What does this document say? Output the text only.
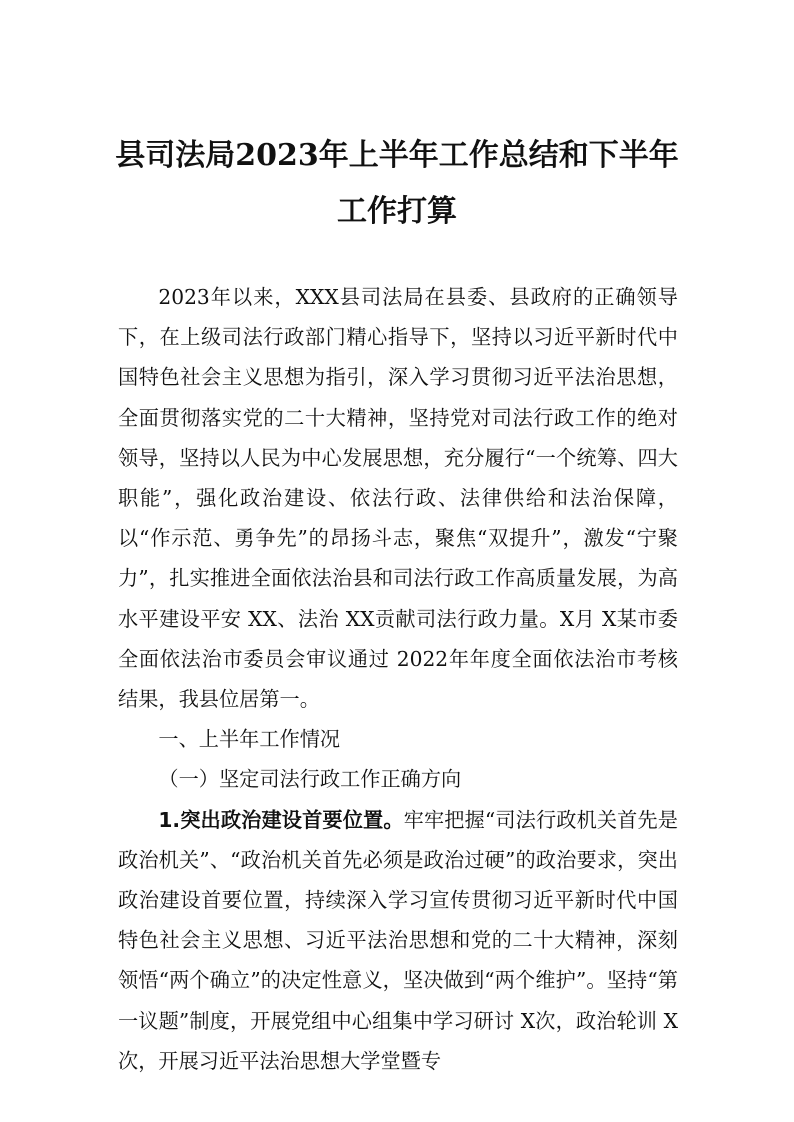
县司法局2023年上半年工作总结和下半年
工作打算

2023年以来，XXX县司法局在县委、县政府的正确领导下，在上级司法行政部门精心指导下，坚持以习近平新时代中国特色社会主义思想为指引，深入学习贯彻习近平法治思想，全面贯彻落实党的二十大精神，坚持党对司法行政工作的绝对领导，坚持以人民为中心发展思想，充分履行“一个统筹、四大职能”，强化政治建设、依法行政、法律供给和法治保障，以“作示范、勇争先”的昂扬斗志，聚焦“双提升”，激发“宁聚力”，扎实推进全面依法治县和司法行政工作高质量发展，为高水平建设平安 XX、法治 XX贡献司法行政力量。X月 X某市委全面依法治市委员会审议通过 2022年年度全面依法治市考核结果，我县位居第一。

一、上半年工作情况

（一）坚定司法行政工作正确方向

1.突出政治建设首要位置。牢牢把握“司法行政机关首先是政治机关”、“政治机关首先必须是政治过硬”的政治要求，突出政治建设首要位置，持续深入学习宣传贯彻习近平新时代中国特色社会主义思想、习近平法治思想和党的二十大精神，深刻领悟“两个确立”的决定性意义，坚决做到“两个维护”。坚持“第一议题”制度，开展党组中心组集中学习研讨 X次，政治轮训 X次，开展习近平法治思想大学堂暨专
